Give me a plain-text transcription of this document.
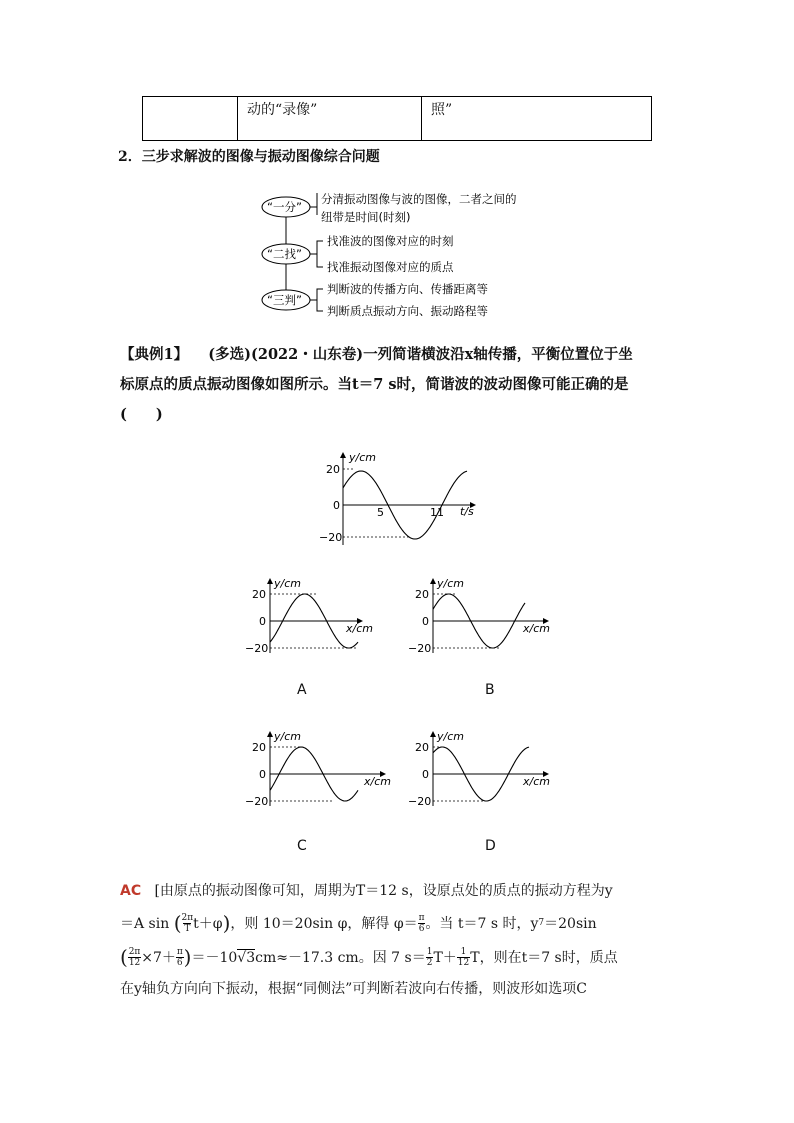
动的“录像”	照”
2．三步求解波的图像与振动图像综合问题
“一分”
“二找”
“三判”
分清振动图像与波的图像，二者之间的
纽带是时间(时刻)
找准波的图像对应的时刻
找准振动图像对应的质点
判断波的传播方向、传播距离等
判断质点振动方向、振动路程等
【典例1】 (多选)(2022・山东卷)一列简谐横波沿x轴传播，平衡位置位于坐
标原点的质点振动图像如图所示。当t＝7 s时，简谐波的波动图像可能正确的是
(　　)
y/cm
t/s
20
0
−20
5	11
y/cm
x/cm
20
0
−20
y/cm
x/cm
20
0
−20
y/cm
x/cm
20
0
−20
y/cm
x/cm
20
0
−20
A	B
C	D
AC [由原点的振动图像可知，周期为T＝12 s，设原点处的质点的振动方程为y
＝A sin
( 2π
T t＋φ ) ，则 10＝20sin φ，解得 φ＝ π
6 。当 t＝7 s 时，y 7 ＝20sin
( $\frac{2\pi}{12} \times 7+ \pi$
6 ) ＝－10 √3 cm≈－17.3 cm。因 7 s＝ 1
2 T＋ 1
12 T，则在t＝7 s时，质点
在y轴负方向向下振动，根据“同侧法”可判断若波向右传播，则波形如选项C
